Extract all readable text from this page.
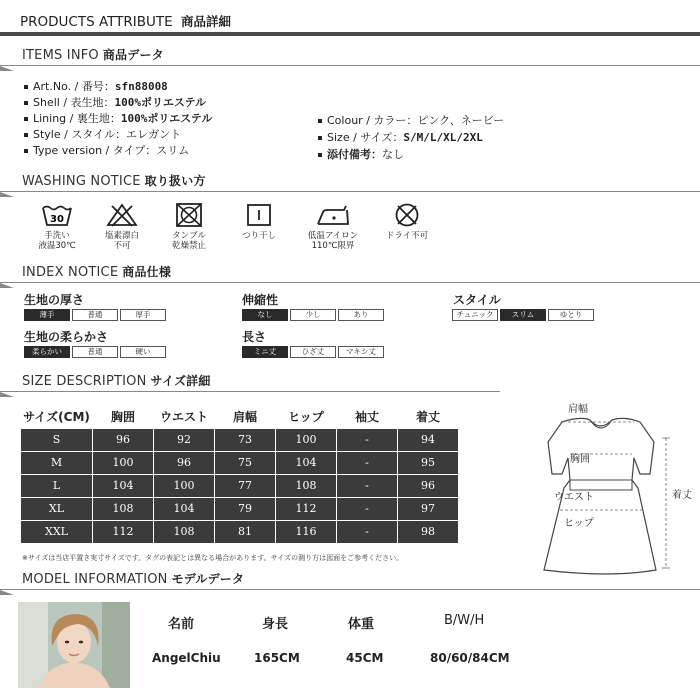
PRODUCTS ATTRIBUTE 商品詳細
ITEMS INFO 商品データ
Art.No. / 番号：sfn88008
Shell / 表生地：100%ポリエステル
Lining / 裏生地：100%ポリエステル
Style / スタイル：エレガント
Type version / タイプ：スリム
Colour / カラー：ピンク、ネービー
Size / サイズ：S/M/L/XL/2XL
添付備考：なし
WASHING NOTICE 取り扱い方
30
手洗い
液温30℃
塩素漂白
不可
タンブル
乾燥禁止
つり干し	低温アイロン
110℃限界
ドライ不可
INDEX NOTICE 商品仕様
生地の厚さ
薄手	普通	厚手
伸縮性
なし	少し	あり
スタイル
チュニック	スリム	ゆとり
生地の柔らかさ
柔らかい	普通	硬い
長さ
ミニ丈	ひざ丈	マキシ丈
SIZE DESCRIPTION サイズ詳細
サイズ(CM)	胸囲	ウエスト	肩幅	ヒップ	袖丈	着丈
S	96	92	73	100	-	94
M	100	96	75	104	-	95
L	104	100	77	108	-	96
XL	108	104	79	112	-	97
XXL	112	108	81	116	-	98
※サイズは当店平置き実寸サイズです。タグの表記とは異なる場合があります。サイズの測り方は図面をご参考ください。
肩幅
胸囲
ウエスト
ヒップ
着丈
MODEL INFORMATION モデルデータ
名前	身長	体重	B/W/H
AngelChiu	165CM	45CM	80/60/84CM
